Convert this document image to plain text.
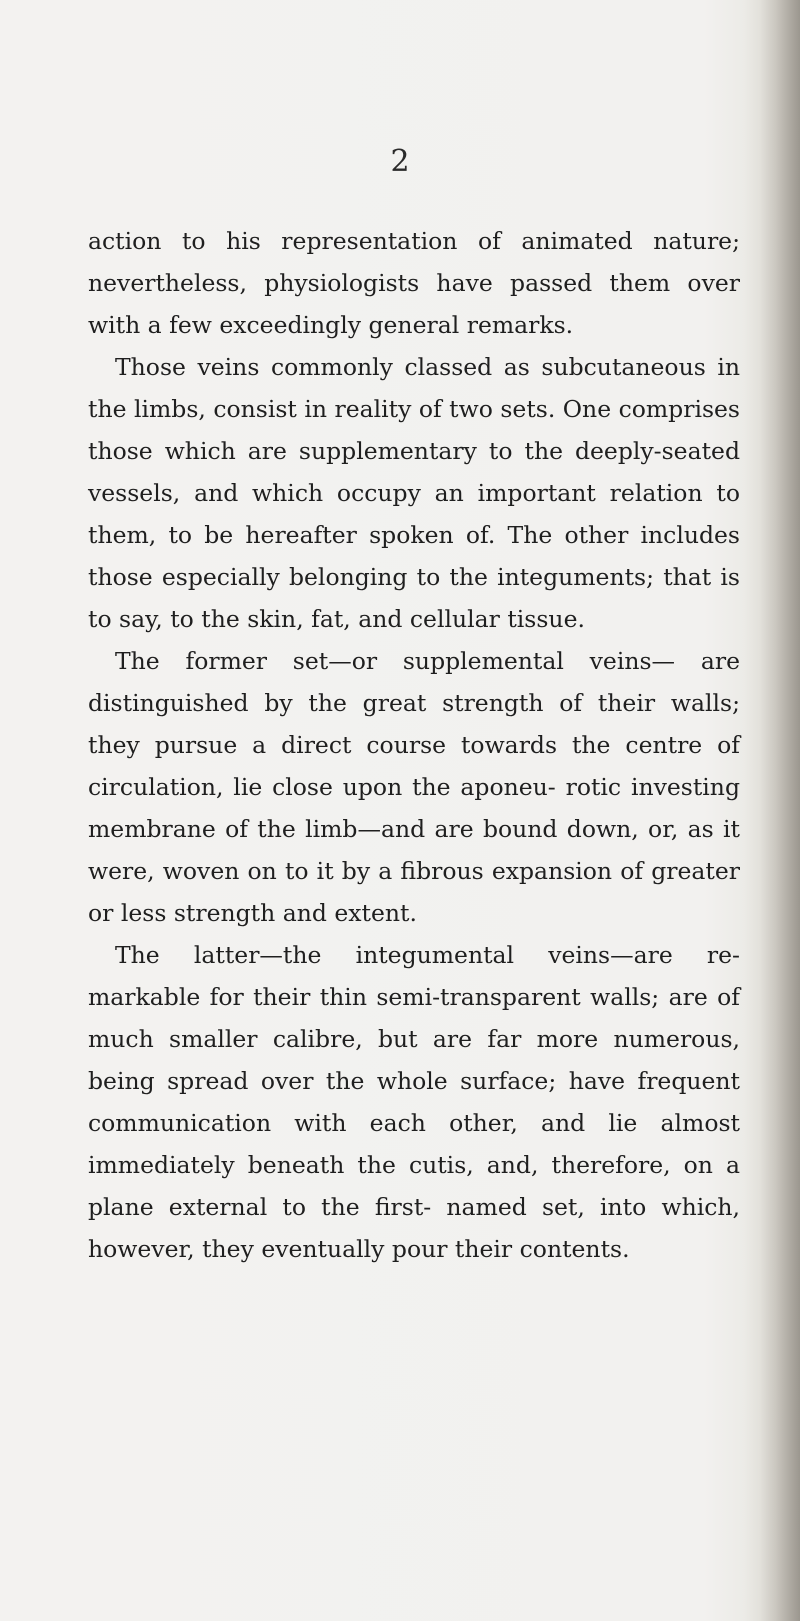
2

action to his representation of animated nature; nevertheless, physiologists have passed them over with a few exceedingly general remarks.

Those veins commonly classed as subcutaneous in the limbs, consist in reality of two sets. One comprises those which are supplementary to the deeply-seated vessels, and which occupy an important relation to them, to be hereafter spoken of. The other includes those especially belonging to the integuments; that is to say, to the skin, fat, and cellular tissue.

The former set—or supplemental veins— are distinguished by the great strength of their walls; they pursue a direct course towards the centre of circulation, lie close upon the aponeu- rotic investing membrane of the limb—and are bound down, or, as it were, woven on to it by a fibrous expansion of greater or less strength and extent.

The latter—the integumental veins—are re- markable for their thin semi-transparent walls; are of much smaller calibre, but are far more numerous, being spread over the whole surface; have frequent communication with each other, and lie almost immediately beneath the cutis, and, therefore, on a plane external to the first- named set, into which, however, they eventually pour their contents.
